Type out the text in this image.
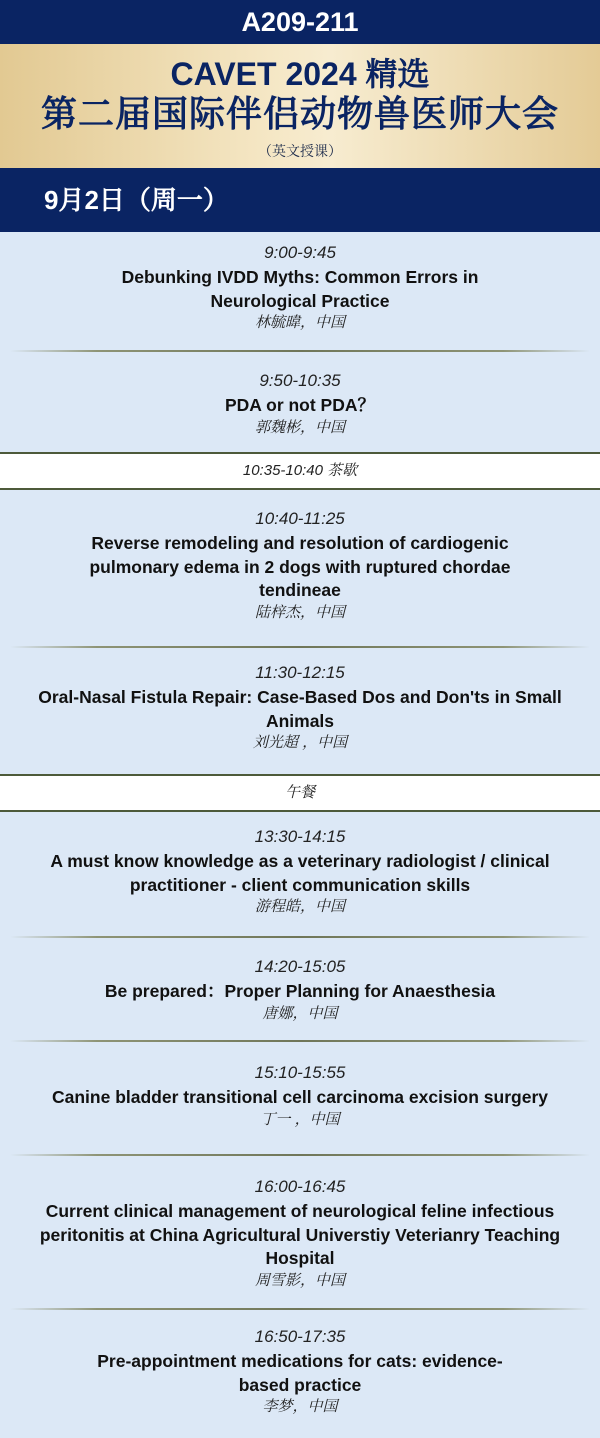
A209-211
CAVET 2024 精选
第二届国际伴侣动物兽医师大会
（英文授课）
9月2日（周一）
9:00-9:45
Debunking IVDD Myths: Common Errors in Neurological Practice
林毓暐，中国
9:50-10:35
PDA or not PDA？
郭魏彬，中国
10:35-10:40 茶歇
10:40-11:25
Reverse remodeling and resolution of cardiogenic pulmonary edema in 2 dogs with ruptured chordae tendineae
陆梓杰，中国
11:30-12:15
Oral-Nasal Fistula Repair: Case-Based Dos and Don'ts in Small Animals
刘光超 ，中国
午餐
13:30-14:15
A must know knowledge as a veterinary radiologist / clinical practitioner - client communication skills
游程皓，中国
14:20-15:05
Be prepared：Proper Planning for Anaesthesia
唐娜，中国
15:10-15:55
Canine bladder transitional cell carcinoma excision surgery
丁一 ，中国
16:00-16:45
Current clinical management of neurological feline infectious peritonitis at China Agricultural Universtiy Veterianry Teaching Hospital
周雪影，中国
16:50-17:35
Pre-appointment medications for cats: evidence-based practice
李梦，中国
